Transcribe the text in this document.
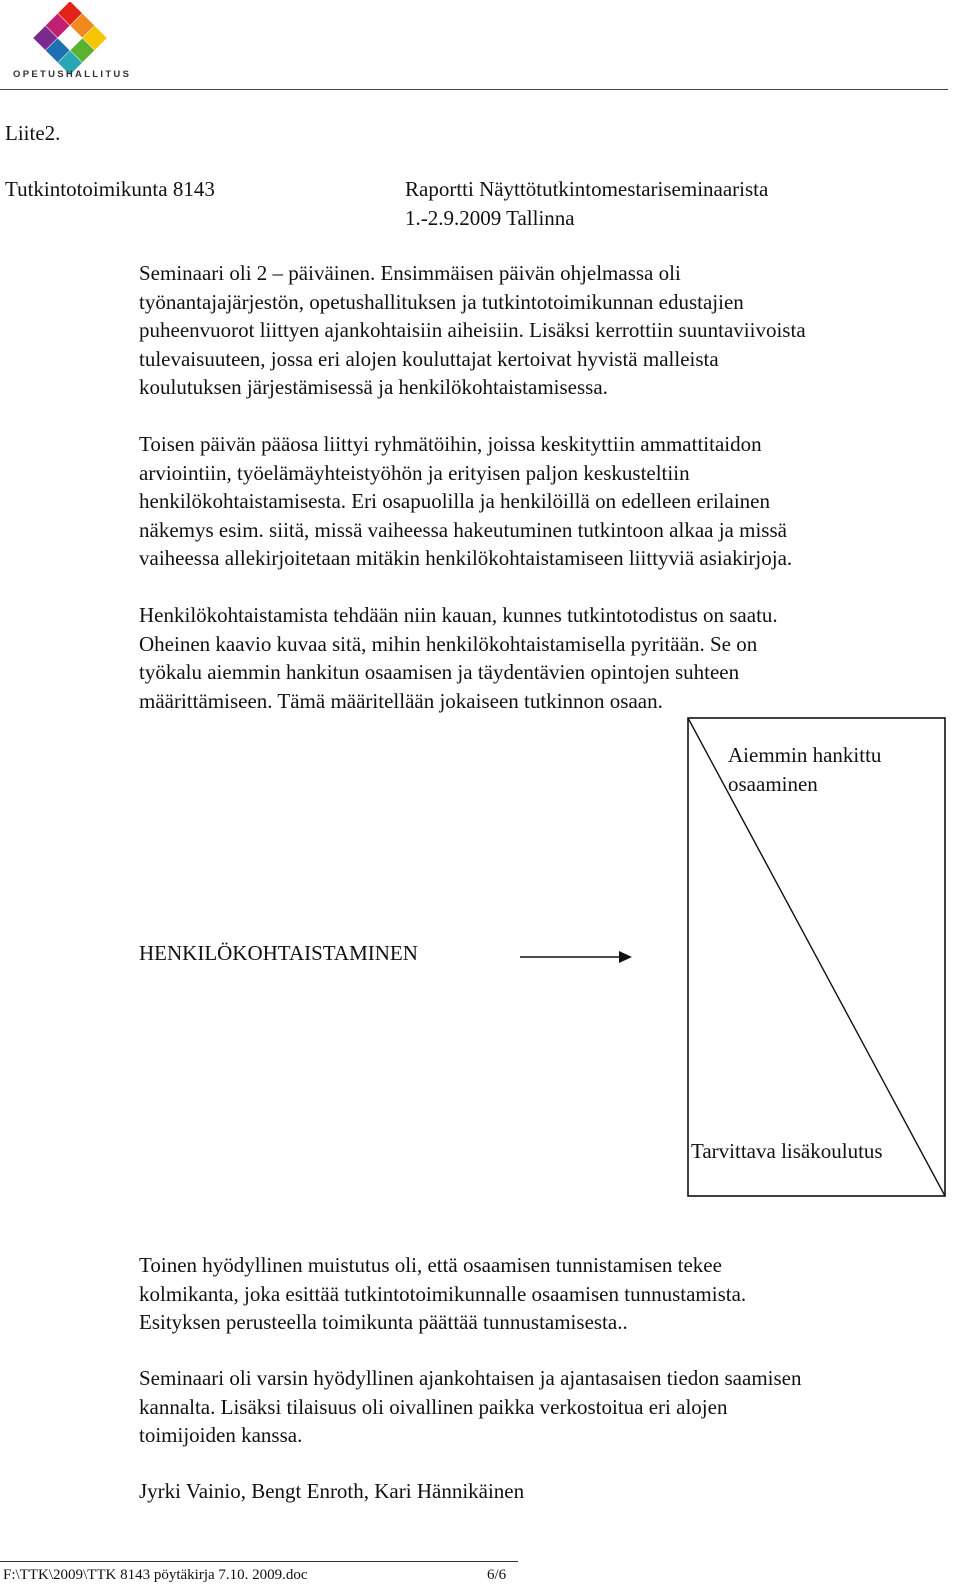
OPETUSHALLITUS

Liite2.

Tutkintotoimikunta 8143	Raportti Näyttötutkintomestariseminaarista

1.-2.9.2009 Tallinna

Seminaari oli 2 – päiväinen. Ensimmäisen päivän ohjelmassa oli
työnantajajärjestön, opetushallituksen ja tutkintotoimikunnan edustajien
puheenvuorot liittyen ajankohtaisiin aiheisiin. Lisäksi kerrottiin suuntaviivoista
tulevaisuuteen, jossa eri alojen kouluttajat kertoivat hyvistä malleista
koulutuksen järjestämisessä ja henkilökohtaistamisessa.
Toisen päivän pääosa liittyi ryhmätöihin, joissa keskityttiin ammattitaidon
arviointiin, työelämäyhteistyöhön ja erityisen paljon keskusteltiin
henkilökohtaistamisesta. Eri osapuolilla ja henkilöillä on edelleen erilainen
näkemys esim. siitä, missä vaiheessa hakeutuminen tutkintoon alkaa ja missä
vaiheessa allekirjoitetaan mitäkin henkilökohtaistamiseen liittyviä asiakirjoja.
Henkilökohtaistamista tehdään niin kauan, kunnes tutkintotodistus on saatu.
Oheinen kaavio kuvaa sitä, mihin henkilökohtaistamisella pyritään. Se on
työkalu aiemmin hankitun osaamisen ja täydentävien opintojen suhteen
määrittämiseen. Tämä määritellään jokaiseen tutkinnon osaan.

HENKILÖKOHTAISTAMINEN

Aiemmin hankittu

osaaminen

Tarvittava lisäkoulutus

Toinen hyödyllinen muistutus oli, että osaamisen tunnistamisen tekee
kolmikanta, joka esittää tutkintotoimikunnalle osaamisen tunnustamista.
Esityksen perusteella toimikunta päättää tunnustamisesta..
Seminaari oli varsin hyödyllinen ajankohtaisen ja ajantasaisen tiedon saamisen
kannalta. Lisäksi tilaisuus oli oivallinen paikka verkostoitua eri alojen
toimijoiden kanssa.

Jyrki Vainio, Bengt Enroth, Kari Hännikäinen

F:\TTK\2009\TTK 8143 pöytäkirja 7.10. 2009.doc	6/6
